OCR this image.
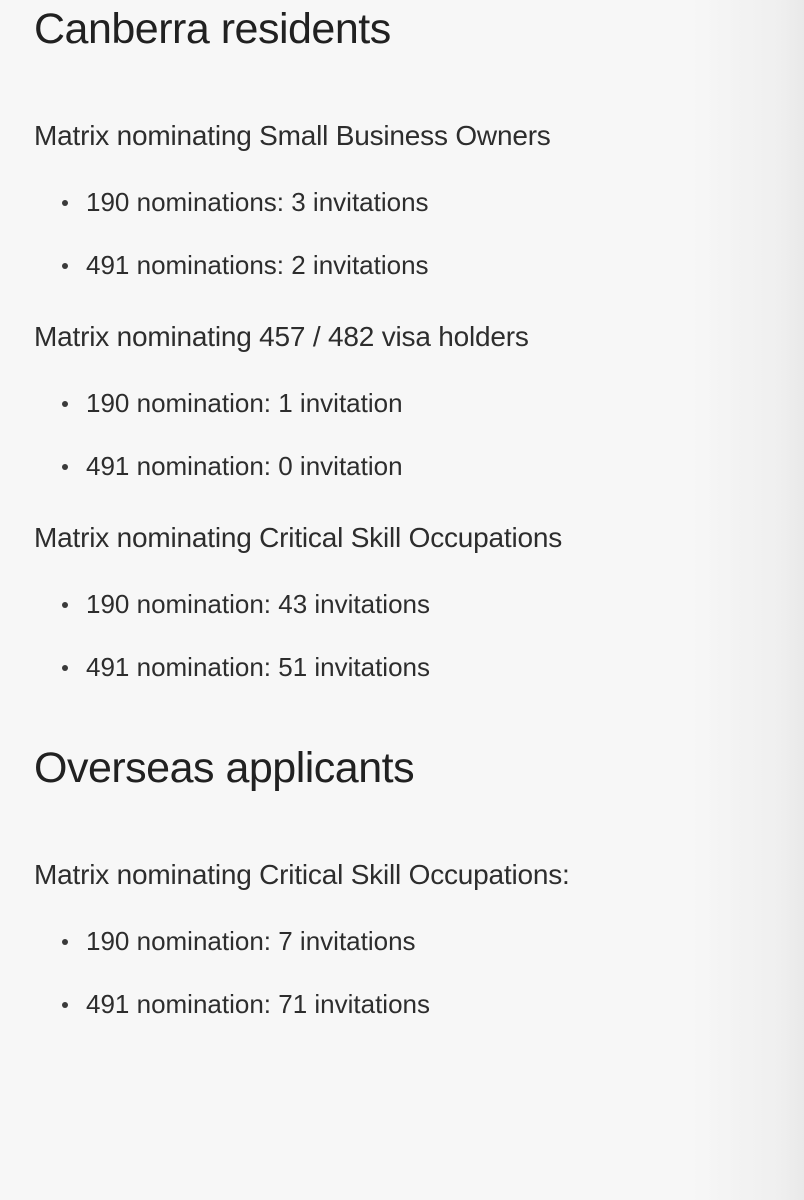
Canberra residents
Matrix nominating Small Business Owners
190 nominations: 3 invitations
491 nominations: 2 invitations
Matrix nominating 457 / 482 visa holders
190 nomination: 1 invitation
491 nomination: 0 invitation
Matrix nominating Critical Skill Occupations
190 nomination: 43 invitations
491 nomination: 51 invitations
Overseas applicants
Matrix nominating Critical Skill Occupations:
190 nomination: 7 invitations
491 nomination: 71 invitations
